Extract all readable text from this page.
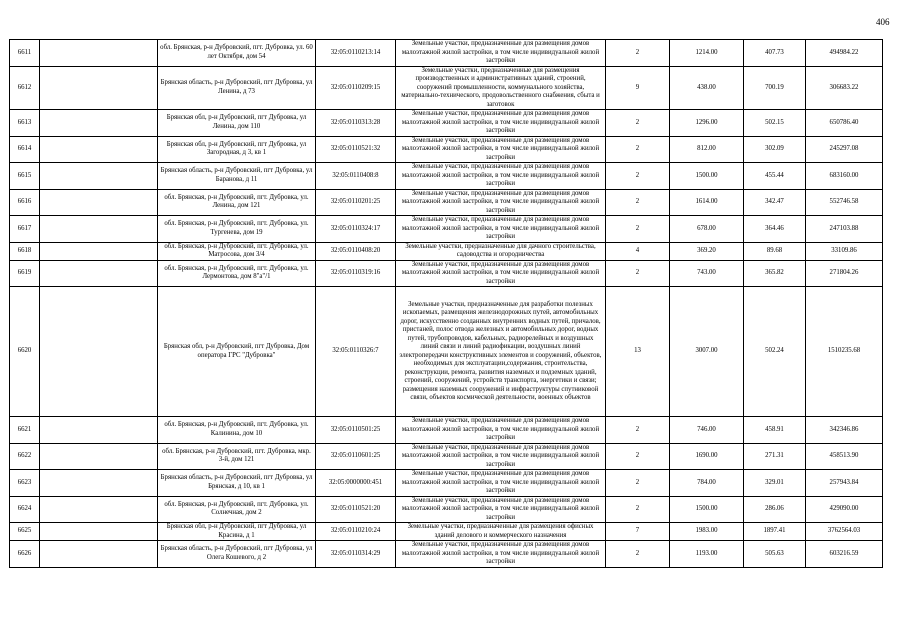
406
6611		обл. Брянская, р-н Дубровский, пгт. Дубровка, ул. 60 лет Октября, дом 54	32:05:0110213:14	Земельные участки, предназначенные для размещения домов малоэтажной жилой застройки, в том числе индивидуальной жилой застройки	2	1214.00	407.73	494984.22
6612		Брянская область, р-н Дубровский, пгт Дубровка, ул Ленина, д 73	32:05:0110209:15	Земельные участки, предназначенные для размещения производственных и административных зданий, строений, сооружений промышленности, коммунального хозяйства, материально-технического, продовольственного снабжения, сбыта и заготовок	9	438.00	700.19	306683.22
6613		Брянская обл, р-н Дубровский, пгт Дубровка, ул Ленина, дом 110	32:05:0110313:28	Земельные участки, предназначенные для размещения домов малоэтажной жилой застройки, в том числе индивидуальной жилой застройки	2	1296.00	502.15	650786.40
6614		Брянская обл, р-н Дубровский, пгт Дубровка, ул Загородная, д 3, кв 1	32:05:0110521:32	Земельные участки, предназначенные для размещения домов малоэтажной жилой застройки, в том числе индивидуальной жилой застройки	2	812.00	302.09	245297.08
6615		Брянская область, р-н Дубровский, пгт Дубровка, ул Баранова, д 11	32:05:0110408:8	Земельные участки, предназначенные для размещения домов малоэтажной жилой застройки, в том числе индивидуальной жилой застройки	2	1500.00	455.44	683160.00
6616		обл. Брянская, р-н Дубровский, пгт. Дубровка, ул. Ленина, дом 121	32:05:0110201:25	Земельные участки, предназначенные для размещения домов малоэтажной жилой застройки, в том числе индивидуальной жилой застройки	2	1614.00	342.47	552746.58
6617		обл. Брянская, р-н Дубровский, пгт. Дубровка, ул. Тургенева, дом 19	32:05:0110324:17	Земельные участки, предназначенные для размещения домов малоэтажной жилой застройки, в том числе индивидуальной жилой застройки	2	678.00	364.46	247103.88
6618		обл. Брянская, р-н Дубровский, пгт. Дубровка, ул. Матросова, дом 3/4	32:05:0110408:20	Земельные участки, предназначенные для дачного строительства, садоводства и огородничества	4	369.20	89.68	33109.86
6619		обл. Брянская, р-н Дубровский, пгт. Дубровка, ул. Лермонтова, дом 8"а"/1	32:05:0110319:16	Земельные участки, предназначенные для размещения домов малоэтажной жилой застройки, в том числе индивидуальной жилой застройки	2	743.00	365.82	271804.26
6620		Брянская обл, р-н Дубровский, пгт Дубровка, Дом оператора ГРС "Дубровка"	32:05:0110326:7	Земельные участки, предназначенные для разработки полезных ископаемых, размещения железнодорожных путей, автомобильных дорог, искусственно созданных внутренних водных путей, причалов, пристаней, полос отвода железных и автомобильных дорог, водных путей, трубопроводов, кабельных, радиорелейных и воздушных линий связи и линий радиофикации, воздушных линий электропередачи конструктивных элементов и сооружений, объектов, необходимых для эксплуатации,содержания, строительства, реконструкции, ремонта, развития наземных и подземных зданий, строений, сооружений, устройств транспорта, энергетики и связи; размещения наземных сооружений и инфраструктуры спутниковой связи, объектов космической деятельности, военных объектов	13	3007.00	502.24	1510235.68
6621		обл. Брянская, р-н Дубровский, пгт. Дубровка, ул. Калинина, дом 10	32:05:0110501:25	Земельные участки, предназначенные для размещения домов малоэтажной жилой застройки, в том числе индивидуальной жилой застройки	2	746.00	458.91	342346.86
6622		обл. Брянская, р-н Дубровский, пгт. Дубровка, мкр. 3-й, дом 121	32:05:0110601:25	Земельные участки, предназначенные для размещения домов малоэтажной жилой застройки, в том числе индивидуальной жилой застройки	2	1690.00	271.31	458513.90
6623		Брянская область, р-н Дубровский, пгт Дубровка, ул Брянская, д 10, кв 1	32:05:0000000:451	Земельные участки, предназначенные для размещения домов малоэтажной жилой застройки, в том числе индивидуальной жилой застройки	2	784.00	329.01	257943.84
6624		обл. Брянская, р-н Дубровский, пгт. Дубровка, ул. Солнечная, дом 2	32:05:0110521:20	Земельные участки, предназначенные для размещения домов малоэтажной жилой застройки, в том числе индивидуальной жилой застройки	2	1500.00	286.06	429090.00
6625		Брянская обл, р-н Дубровский, пгт Дубровка, ул Красина, д 1	32:05:0110210:24	Земельные участки, предназначенные для размещения офисных зданий делового и коммерческого назначения	7	1983.00	1897.41	3762564.03
6626		Брянская область, р-н Дубровский, пгт Дубровка, ул Олега Кошевого, д 2	32:05:0110314:29	Земельные участки, предназначенные для размещения домов малоэтажной жилой застройки, в том числе индивидуальной жилой застройки	2	1193.00	505.63	603216.59
